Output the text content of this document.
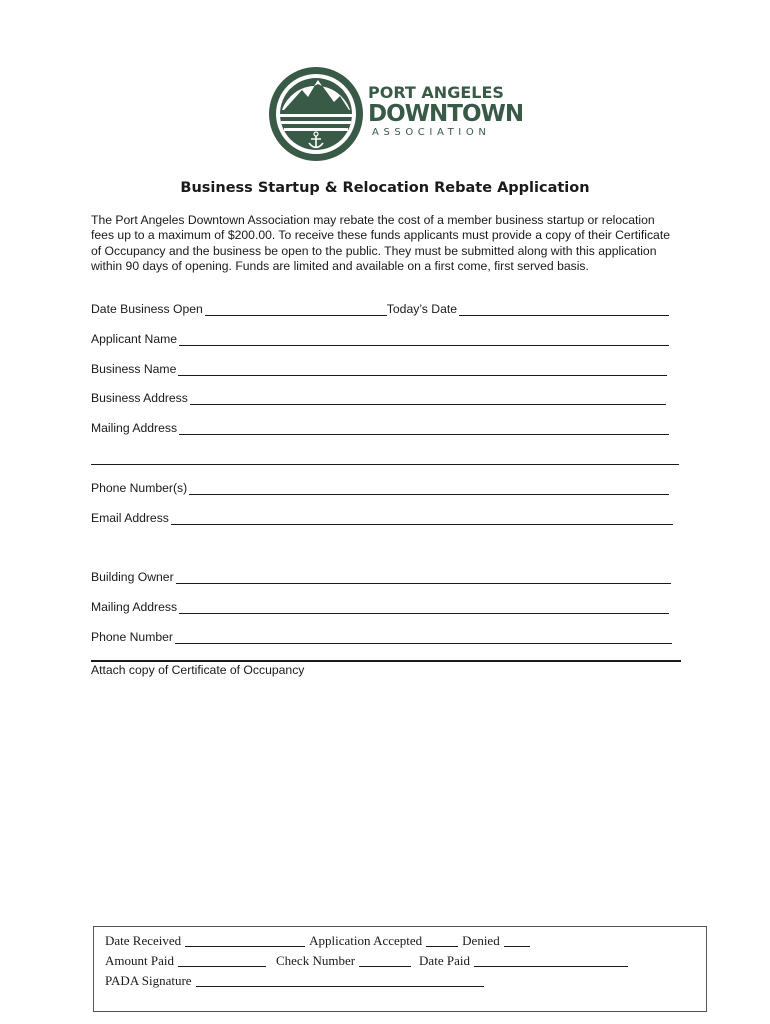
PORT ANGELES
DOWNTOWN
ASSOCIATION
Business Startup & Relocation Rebate Application
The Port Angeles Downtown Association may rebate the cost of a member business startup or relocation fees up to a maximum of $200.00. To receive these funds applicants must provide a copy of their Certificate of Occupancy and the business be open to the public. They must be submitted along with this application within 90 days of opening. Funds are limited and available on a first come, first served basis.
Date Business Open	Today’s Date
Applicant Name
Business Name
Business Address
Mailing Address
Phone Number(s)
Email Address
Building Owner
Mailing Address
Phone Number
Attach copy of Certificate of Occupancy
Date Received	Application Accepted	Denied
Amount Paid	Check Number	Date Paid
PADA Signature
